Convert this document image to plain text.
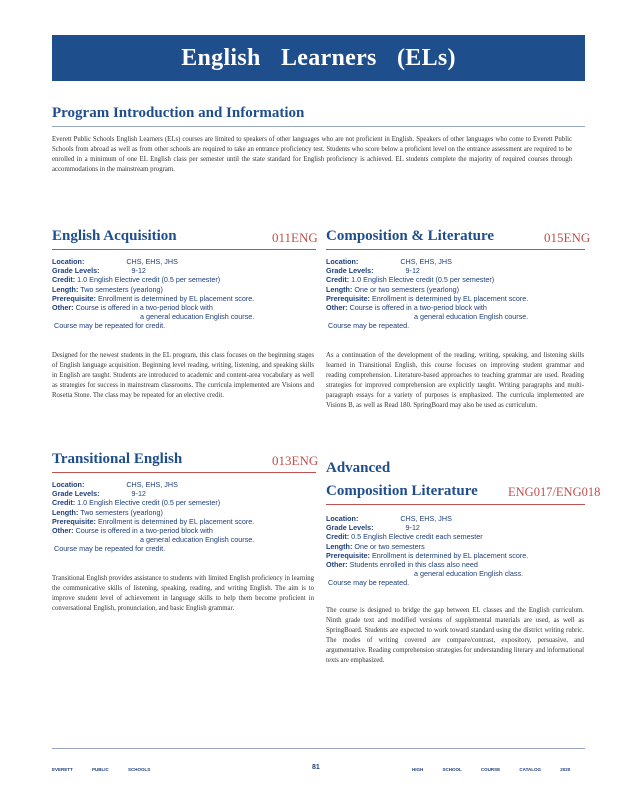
English Learners (ELs)
Program Introduction and Information
Everett Public Schools English Learners (ELs) courses are limited to speakers of other languages who are not proficient in English. Speakers of other languages who come to Everett Public Schools from abroad as well as from other schools are required to take an entrance proficiency test. Students who score below a proficient level on the entrance assessment are required to be enrolled in a minimum of one EL English class per semester until the state standard for English proficiency is achieved. EL students complete the majority of required courses through accommodations in the mainstream program.
English Acquisition	011ENG
Location:	CHS, EHS, JHS
Grade Levels:	9-12
Credit: 1.0 English Elective credit (0.5 per semester)
Length: Two semesters (yearlong)
Prerequisite: Enrollment is determined by EL placement score.
Other: Course is offered in a two-period block with
a general education English course.
Course may be repeated for credit.
Designed for the newest students in the EL program, this class focuses on the beginning stages of English language acquisition. Beginning level reading, writing, listening, and speaking skills in English are taught. Students are introduced to academic and content-area vocabulary as well as strategies for success in mainstream classrooms. The curricula implemented are Visions and Rosetta Stone. The class may be repeated for an elective credit.
Transitional English	013ENG
Location:	CHS, EHS, JHS
Grade Levels:	9-12
Credit: 1.0 English Elective credit (0.5 per semester)
Length: Two semesters (yearlong)
Prerequisite: Enrollment is determined by EL placement score.
Other: Course is offered in a two-period block with
a general education English course.
Course may be repeated for credit.
Transitional English provides assistance to students with limited English proficiency in learning the communicative skills of listening, speaking, reading, and writing English. The aim is to improve student level of achievement in language skills to help them become proficient in conversational English, pronunciation, and basic English grammar.
Composition & Literature	015ENG
Location:	CHS, EHS, JHS
Grade Levels:	9-12
Credit: 1.0 English Elective credit (0.5 per semester)
Length: One or two semesters (yearlong)
Prerequisite: Enrollment is determined by EL placement score.
Other: Course is offered in a two-period block with
a general education English course.
Course may be repeated.
As a continuation of the development of the reading, writing, speaking, and listening skills learned in Transitional English, this course focuses on improving student grammar and reading comprehension. Literature-based approaches to teaching grammar are used. Reading strategies for improved comprehension are explicitly taught. Writing paragraphs and multi-paragraph essays for a variety of purposes is emphasized. The curricula implemented are Visions B, as well as Read 180. SpringBoard may also be used as curriculum.
Advanced
Composition Literature ENG017/ENG018
Location:	CHS, EHS, JHS
Grade Levels:	9-12
Credit: 0.5 English Elective credit each semester
Length: One or two semesters
Prerequisite: Enrollment is determined by EL placement score.
Other: Students enrolled in this class also need
a general education English class.
Course may be repeated.
The course is designed to bridge the gap between EL classes and the English curriculum. Ninth grade text and modified versions of supplemental materials are used, as well as SpringBoard. Students are expected to work toward standard using the district writing rubric. The modes of writing covered are compare/contrast, expository, persuasive, and argumentative. Reading comprehension strategies for understanding literary and informational texts are emphasized.
EVERETT PUBLIC SCHOOLS	81	HIGH SCHOOL COURSE CATALOG 2020
